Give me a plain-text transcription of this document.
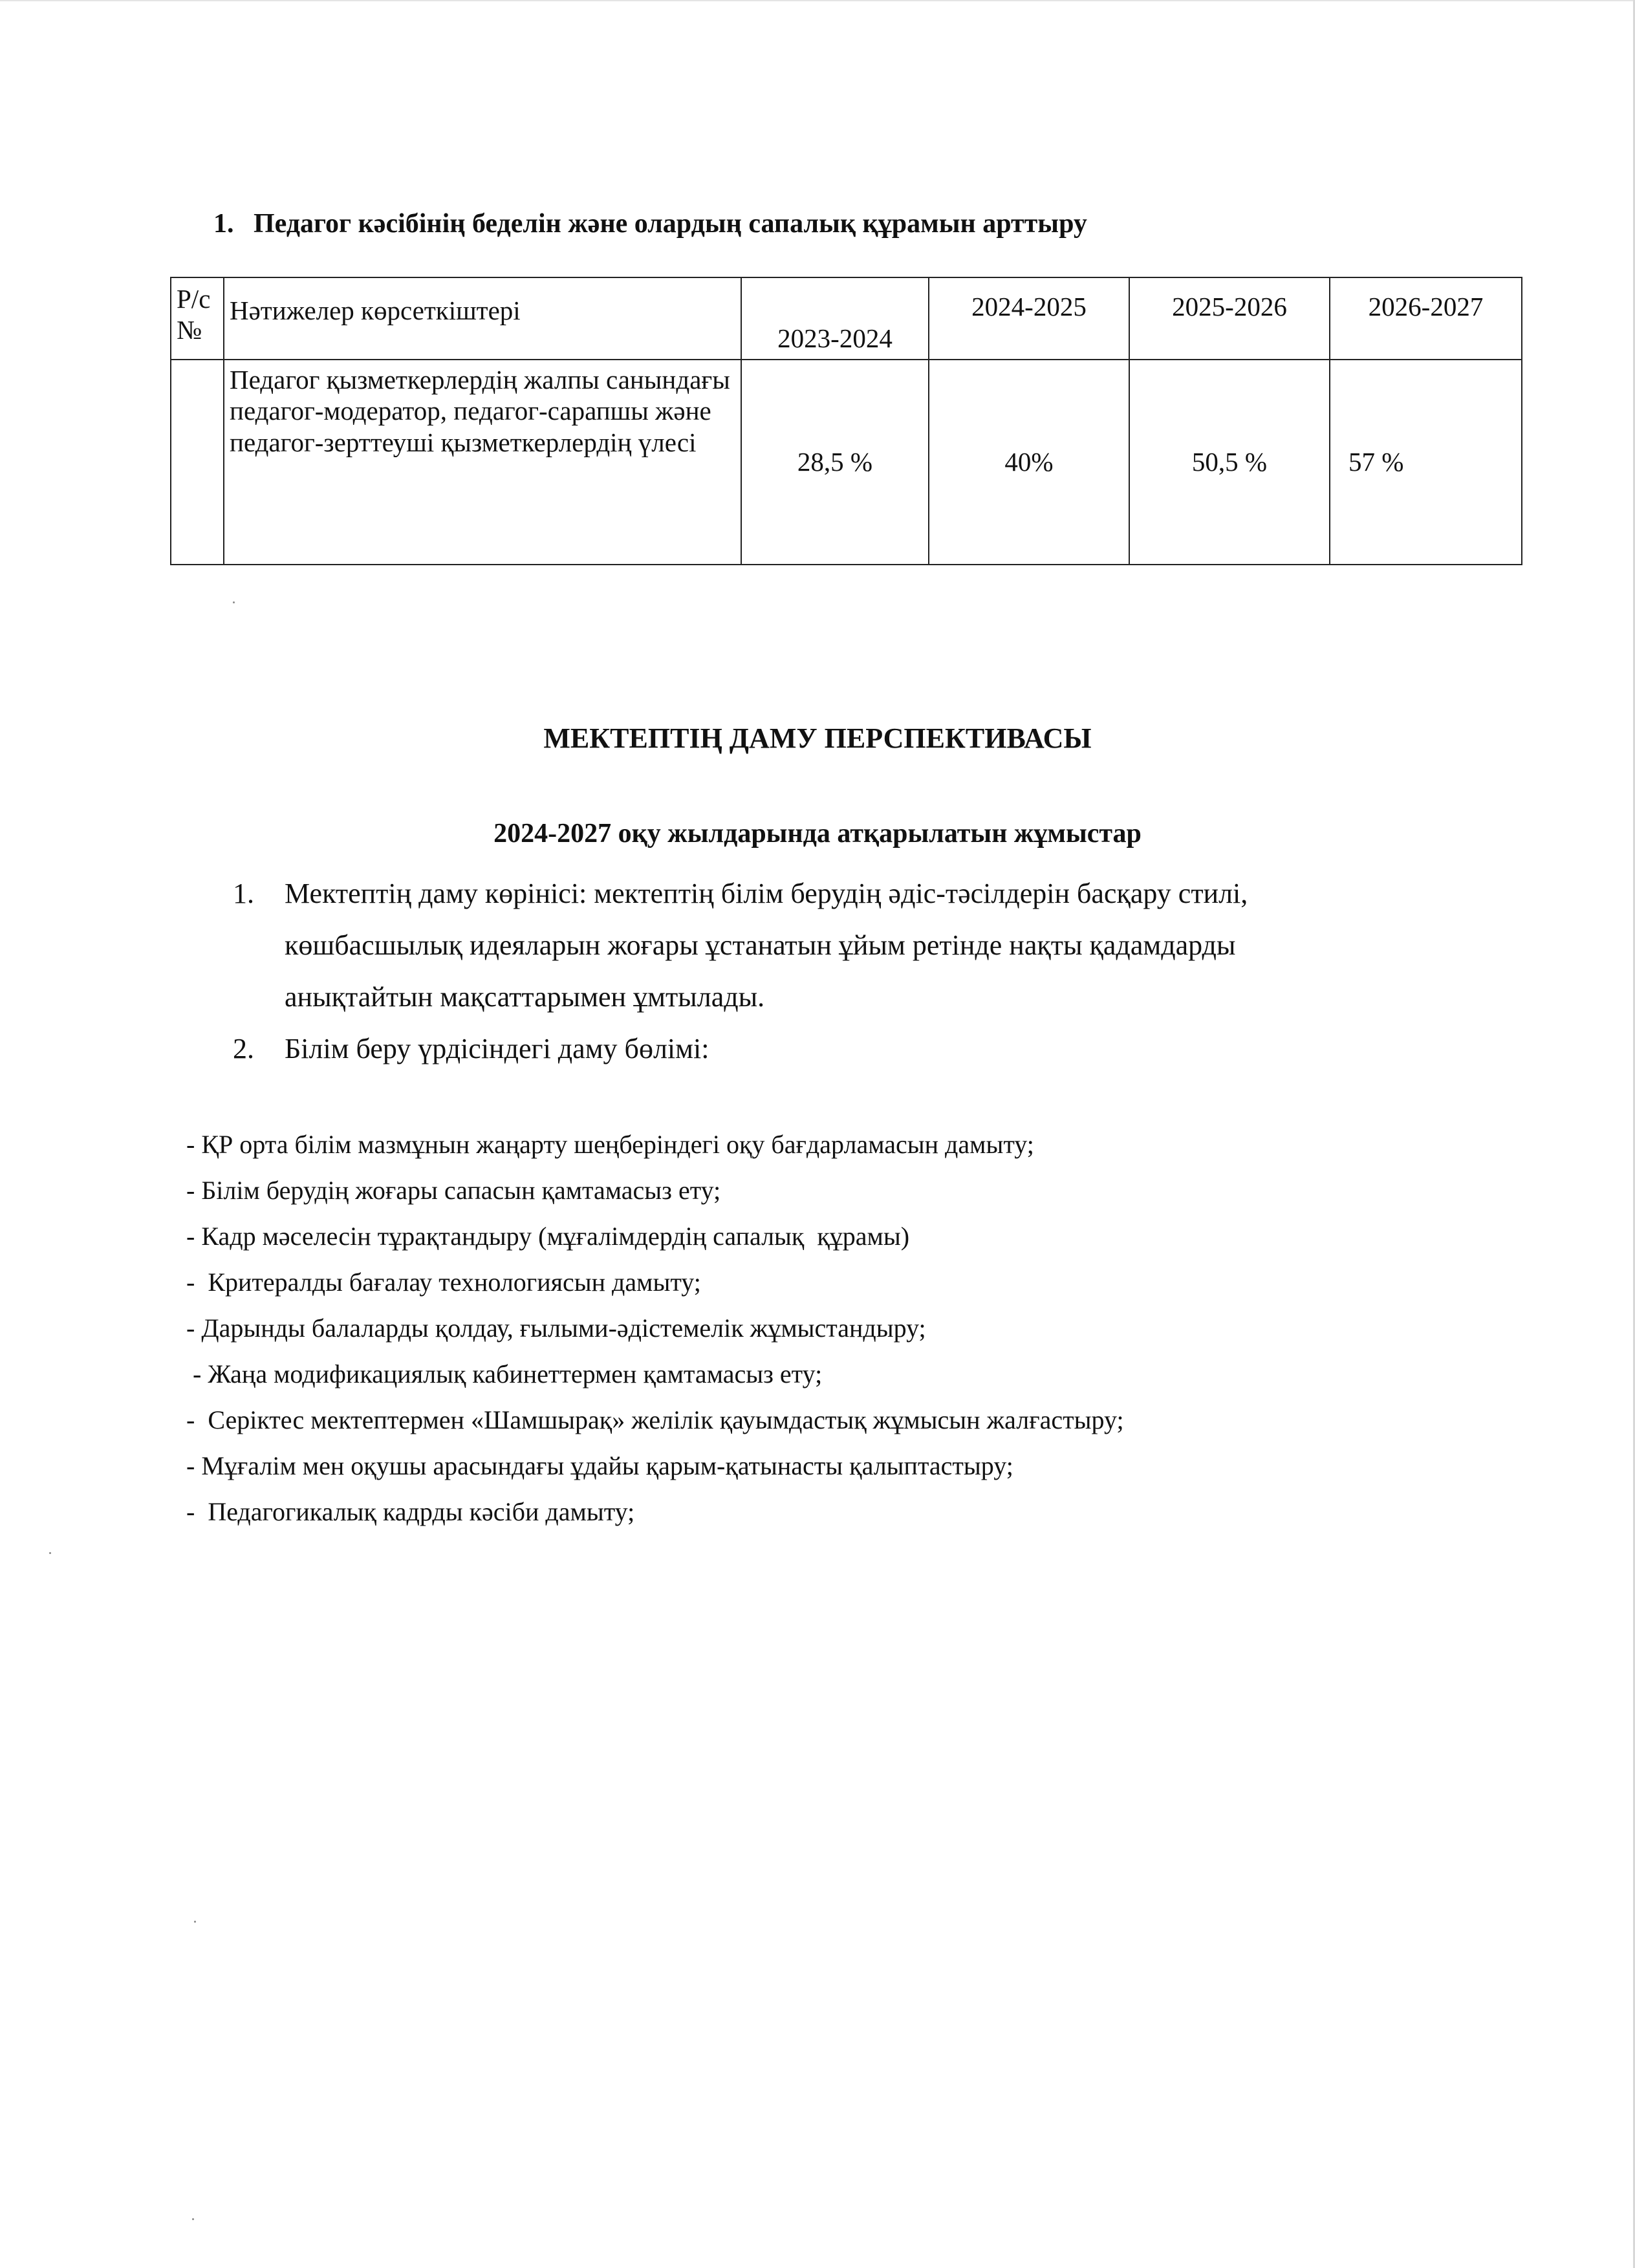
1. Педагог кәсібінің беделін және олардың сапалық құрамын арттыру
Р/с №	Нәтижелер көрсеткіштері	2023-2024	2024-2025	2025-2026	2026-2027
	Педагог қызметкерлердің жалпы санындағы педагог-модератор, педагог-сарапшы және педагог-зерттеуші қызметкерлердің үлесі	28,5 %	40%	50,5 %	57 %
МЕКТЕПТІҢ ДАМУ ПЕРСПЕКТИВАСЫ
2024-2027 оқу жылдарында атқарылатын жұмыстар
1. Мектептің даму көрінісі: мектептің білім берудің әдіс-тәсілдерін басқару стилі,
көшбасшылық идеяларын жоғары ұстанатын ұйым ретінде нақты қадамдарды
анықтайтын мақсаттарымен ұмтылады.
2. Білім беру үрдісіндегі даму бөлімі:
- ҚР орта білім мазмұнын жаңарту шеңберіндегі оқу бағдарламасын дамыту;
- Білім берудің жоғары сапасын қамтамасыз ету;
- Кадр мәселесін тұрақтандыру (мұғалімдердің сапалық  құрамы)
-  Критералды бағалау технологиясын дамыту;
- Дарынды балаларды қолдау, ғылыми-әдістемелік жұмыстандыру;
- Жаңа модификациялық кабинеттермен қамтамасыз ету;
-  Серіктес мектептермен «Шамшырақ» желілік қауымдастық жұмысын жалғастыру;
- Мұғалім мен оқушы арасындағы ұдайы қарым-қатынасты қалыптастыру;
-  Педагогикалық кадрды кәсіби дамыту;
